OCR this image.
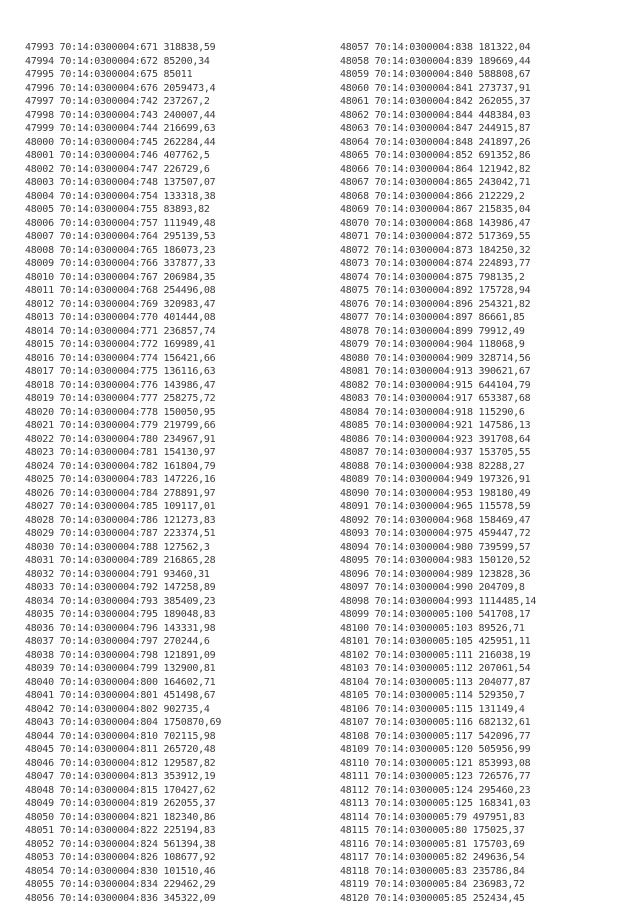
47993 70:14:0300004:671 318838,59
47994 70:14:0300004:672 85200,34
47995 70:14:0300004:675 85011
47996 70:14:0300004:676 2059473,4
47997 70:14:0300004:742 237267,2
47998 70:14:0300004:743 240007,44
47999 70:14:0300004:744 216699,63
48000 70:14:0300004:745 262284,44
48001 70:14:0300004:746 407762,5
48002 70:14:0300004:747 226729,6
48003 70:14:0300004:748 137507,07
48004 70:14:0300004:754 133318,38
48005 70:14:0300004:755 83893,82
48006 70:14:0300004:757 111949,48
48007 70:14:0300004:764 295139,53
48008 70:14:0300004:765 186073,23
48009 70:14:0300004:766 337877,33
48010 70:14:0300004:767 206984,35
48011 70:14:0300004:768 254496,08
48012 70:14:0300004:769 320983,47
48013 70:14:0300004:770 401444,08
48014 70:14:0300004:771 236857,74
48015 70:14:0300004:772 169989,41
48016 70:14:0300004:774 156421,66
48017 70:14:0300004:775 136116,63
48018 70:14:0300004:776 143986,47
48019 70:14:0300004:777 258275,72
48020 70:14:0300004:778 150050,95
48021 70:14:0300004:779 219799,66
48022 70:14:0300004:780 234967,91
48023 70:14:0300004:781 154130,97
48024 70:14:0300004:782 161804,79
48025 70:14:0300004:783 147226,16
48026 70:14:0300004:784 278891,97
48027 70:14:0300004:785 109117,01
48028 70:14:0300004:786 121273,83
48029 70:14:0300004:787 223374,51
48030 70:14:0300004:788 127562,3
48031 70:14:0300004:789 216865,28
48032 70:14:0300004:791 93460,31
48033 70:14:0300004:792 147258,89
48034 70:14:0300004:793 385409,23
48035 70:14:0300004:795 189048,83
48036 70:14:0300004:796 143331,98
48037 70:14:0300004:797 270244,6
48038 70:14:0300004:798 121891,09
48039 70:14:0300004:799 132900,81
48040 70:14:0300004:800 164602,71
48041 70:14:0300004:801 451498,67
48042 70:14:0300004:802 902735,4
48043 70:14:0300004:804 1750870,69
48044 70:14:0300004:810 702115,98
48045 70:14:0300004:811 265720,48
48046 70:14:0300004:812 129587,82
48047 70:14:0300004:813 353912,19
48048 70:14:0300004:815 170427,62
48049 70:14:0300004:819 262055,37
48050 70:14:0300004:821 182340,86
48051 70:14:0300004:822 225194,83
48052 70:14:0300004:824 561394,38
48053 70:14:0300004:826 108677,92
48054 70:14:0300004:830 101510,46
48055 70:14:0300004:834 229462,29
48056 70:14:0300004:836 345322,09
48057 70:14:0300004:838 181322,04
48058 70:14:0300004:839 189669,44
48059 70:14:0300004:840 588808,67
48060 70:14:0300004:841 273737,91
48061 70:14:0300004:842 262055,37
48062 70:14:0300004:844 448384,03
48063 70:14:0300004:847 244915,87
48064 70:14:0300004:848 241897,26
48065 70:14:0300004:852 691352,86
48066 70:14:0300004:864 121942,82
48067 70:14:0300004:865 243042,71
48068 70:14:0300004:866 212229,2
48069 70:14:0300004:867 215835,04
48070 70:14:0300004:868 143986,47
48071 70:14:0300004:872 517369,55
48072 70:14:0300004:873 184250,32
48073 70:14:0300004:874 224893,77
48074 70:14:0300004:875 798135,2
48075 70:14:0300004:892 175728,94
48076 70:14:0300004:896 254321,82
48077 70:14:0300004:897 86661,85
48078 70:14:0300004:899 79912,49
48079 70:14:0300004:904 118068,9
48080 70:14:0300004:909 328714,56
48081 70:14:0300004:913 390621,67
48082 70:14:0300004:915 644104,79
48083 70:14:0300004:917 653387,68
48084 70:14:0300004:918 115290,6
48085 70:14:0300004:921 147586,13
48086 70:14:0300004:923 391708,64
48087 70:14:0300004:937 153705,55
48088 70:14:0300004:938 82288,27
48089 70:14:0300004:949 197326,91
48090 70:14:0300004:953 198180,49
48091 70:14:0300004:965 115578,59
48092 70:14:0300004:968 158469,47
48093 70:14:0300004:975 459447,72
48094 70:14:0300004:980 739599,57
48095 70:14:0300004:983 150120,52
48096 70:14:0300004:989 123828,36
48097 70:14:0300004:990 204709,8
48098 70:14:0300004:993 1114485,14
48099 70:14:0300005:100 541708,17
48100 70:14:0300005:103 89526,71
48101 70:14:0300005:105 425951,11
48102 70:14:0300005:111 216038,19
48103 70:14:0300005:112 207061,54
48104 70:14:0300005:113 204077,87
48105 70:14:0300005:114 529350,7
48106 70:14:0300005:115 131149,4
48107 70:14:0300005:116 682132,61
48108 70:14:0300005:117 542096,77
48109 70:14:0300005:120 505956,99
48110 70:14:0300005:121 853993,08
48111 70:14:0300005:123 726576,77
48112 70:14:0300005:124 295460,23
48113 70:14:0300005:125 168341,03
48114 70:14:0300005:79 497951,83
48115 70:14:0300005:80 175025,37
48116 70:14:0300005:81 175703,69
48117 70:14:0300005:82 249636,54
48118 70:14:0300005:83 235786,84
48119 70:14:0300005:84 236983,72
48120 70:14:0300005:85 252434,45
